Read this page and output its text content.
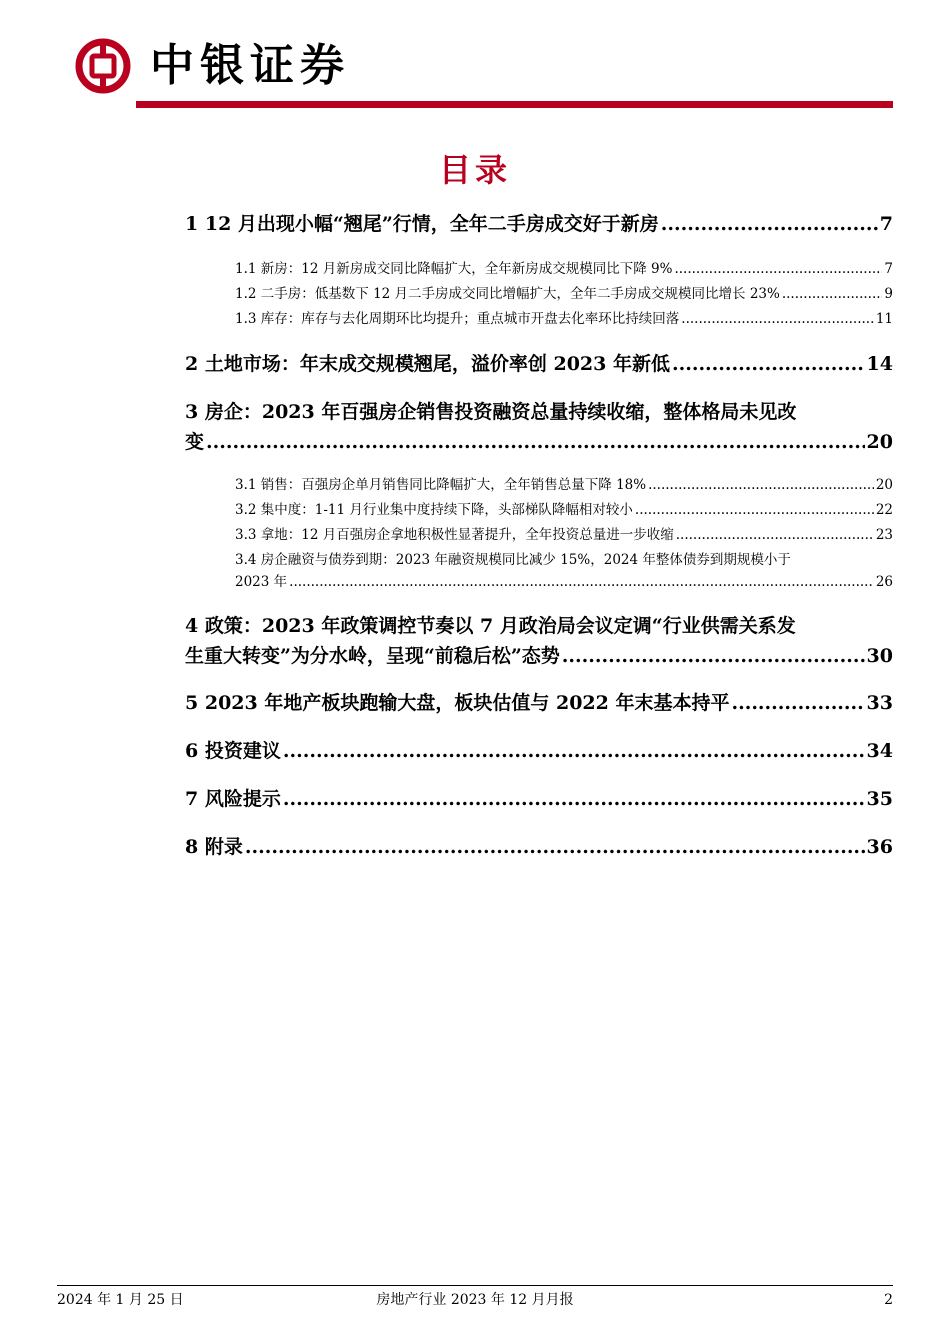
中银证券
目录
1 12 月出现小幅“翘尾”行情，全年二手房成交好于新房 .....	7
1.1 新房：12 月新房成交同比降幅扩大，全年新房成交规模同比下降 9% .....	7
1.2 二手房：低基数下 12 月二手房成交同比增幅扩大，全年二手房成交规模同比增长 23% .....	9
1.3 库存：库存与去化周期环比均提升；重点城市开盘去化率环比持续回落 .....	11
2 土地市场：年末成交规模翘尾，溢价率创 2023 年新低 .....	14
3 房企：2023 年百强房企销售投资融资总量持续收缩，整体格局未见改
变 .....	20
3.1 销售：百强房企单月销售同比降幅扩大，全年销售总量下降 18% .....	20
3.2 集中度：1-11 月行业集中度持续下降，头部梯队降幅相对较小 .....	22
3.3 拿地：12 月百强房企拿地积极性显著提升，全年投资总量进一步收缩 .....	23
3.4 房企融资与债券到期：2023 年融资规模同比减少 15%，2024 年整体债券到期规模小于
2023 年 .....	26
4 政策：2023 年政策调控节奏以 7 月政治局会议定调“行业供需关系发
生重大转变”为分水岭，呈现“前稳后松”态势 .....	30
5 2023 年地产板块跑输大盘，板块估值与 2022 年末基本持平 .....	33
6 投资建议 .....	34
7 风险提示 .....	35
8 附录 .....	36
2024 年 1 月 25 日	房地产行业 2023 年 12 月月报	2
